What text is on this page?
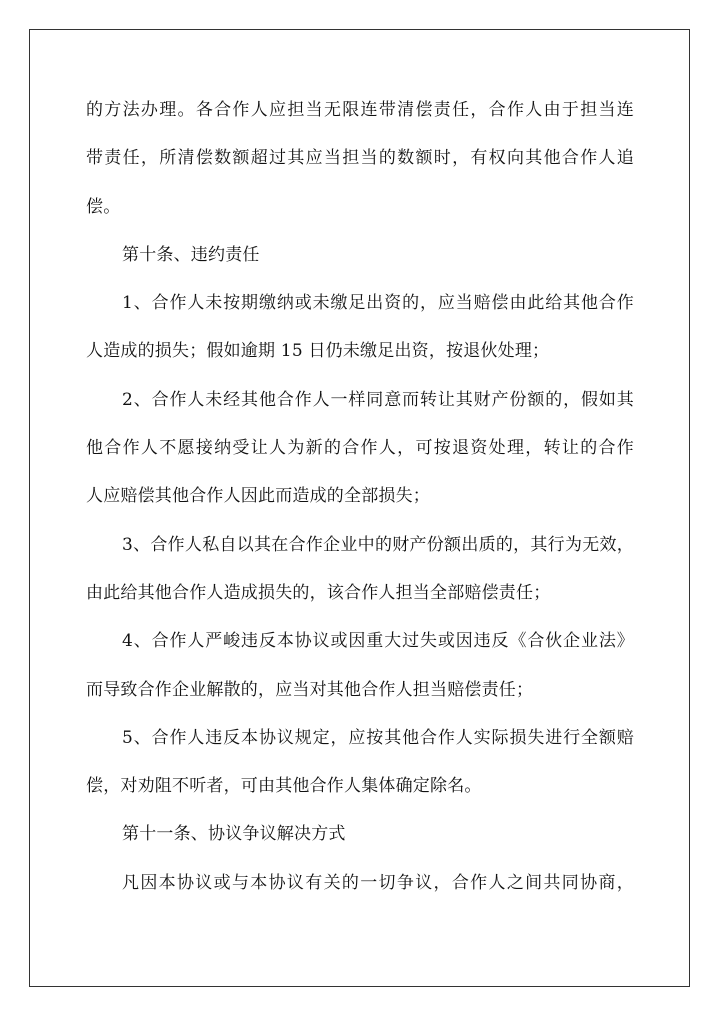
的方法办理。各合作人应担当无限连带清偿责任，合作人由于担当连
带责任，所清偿数额超过其应当担当的数额时，有权向其他合作人追
偿。
第十条、违约责任
1、合作人未按期缴纳或未缴足出资的，应当赔偿由此给其他合作
人造成的损失；假如逾期 15 日仍未缴足出资，按退伙处理；
2、合作人未经其他合作人一样同意而转让其财产份额的，假如其
他合作人不愿接纳受让人为新的合作人，可按退资处理，转让的合作
人应赔偿其他合作人因此而造成的全部损失；
3、合作人私自以其在合作企业中的财产份额出质的，其行为无效，
由此给其他合作人造成损失的，该合作人担当全部赔偿责任；
4、合作人严峻违反本协议或因重大过失或因违反《合伙企业法》
而导致合作企业解散的，应当对其他合作人担当赔偿责任；
5、合作人违反本协议规定，应按其他合作人实际损失进行全额赔
偿，对劝阻不听者，可由其他合作人集体确定除名。
第十一条、协议争议解决方式
凡因本协议或与本协议有关的一切争议，合作人之间共同协商，
